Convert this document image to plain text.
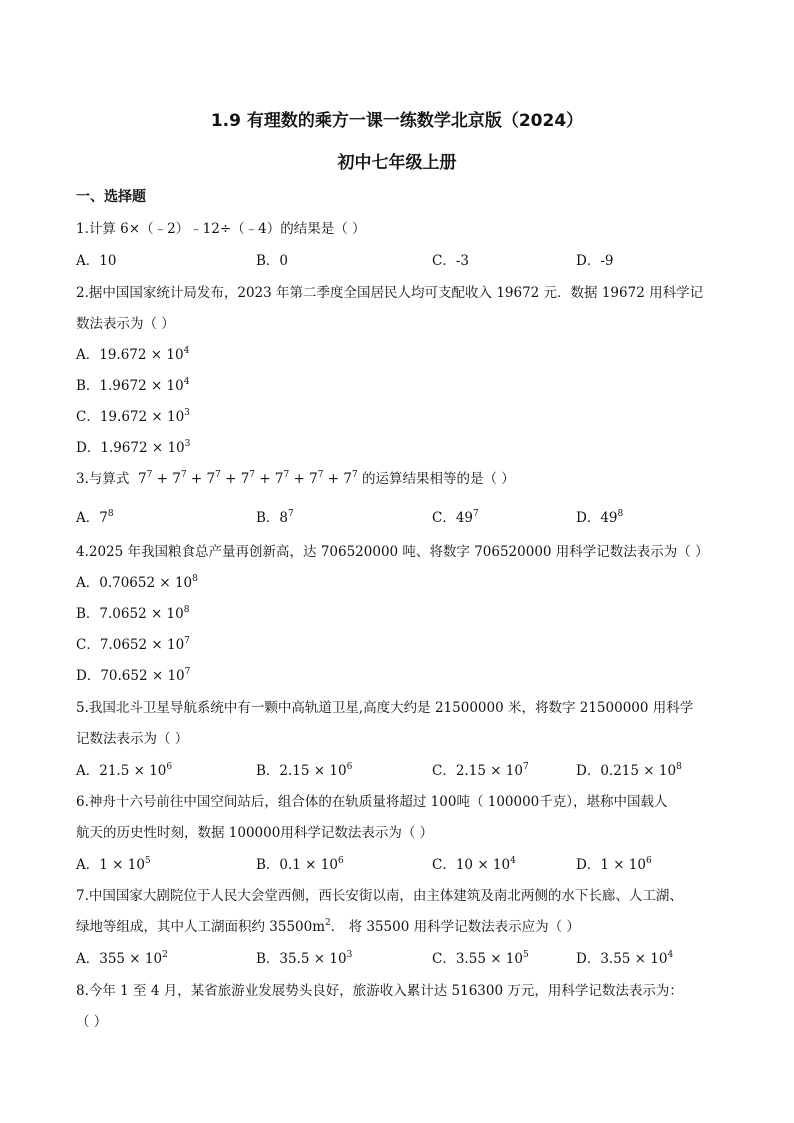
1.9 有理数的乘方一课一练数学北京版（2024）
初中七年级上册
一、选择题
1.计算 6×（﹣2）﹣12÷（﹣4）的结果是（ ）
A．10	B．0	C．-3	D．-9
2.据中国国家统计局发布，2023 年第二季度全国居民人均可支配收入 19672 元．数据 19672 用科学记
数法表示为（ ）
A．$19.672 \times 10^4$
B．$1.9672 \times 10^4$
C．$19.672 \times 10^3$
D．$1.9672 \times 10^3$
3.与算式 $7^7 + 7^7 + 7^7 + 7^7 + 7^7 + 7^7 + 7^7$ 的运算结果相等的是（ ）
A．$7^8$	B．$8^7$	C．$49^7$	D．$49^8$
4.2025 年我国粮食总产量再创新高，达 706520000 吨、将数字 706520000 用科学记数法表示为（ ）
A．$0.70652 \times 10^8$
B．$7.0652 \times 10^8$
C．$7.0652 \times 10^7$
D．$70.652 \times 10^7$
5.我国北斗卫星导航系统中有一颗中高轨道卫星,高度大约是 21500000 米，将数字 21500000 用科学
记数法表示为（ ）
A．$21.5 \times 10^6$	B．$2.15 \times 10^6$	C．$2.15 \times 10^7$	D．$0.215 \times 10^8$
6.神舟十六号前往中国空间站后，组合体的在轨质量将超过 100吨（ 100000千克），堪称中国载人
航天的历史性时刻，数据 100000用科学记数法表示为（ ）
A．$1 \times 10^5$	B．$0.1 \times 10^6$	C．$10 \times 10^4$	D．$1 \times 10^6$
7.中国国家大剧院位于人民大会堂西侧，西长安街以南，由主体建筑及南北两侧的水下长廊、人工湖、
绿地等组成，其中人工湖面积约 $35500m^2$． 将 35500 用科学记数法表示应为（ ）
A．$355 \times 10^2$	B．$35.5 \times 10^3$	C．$3.55 \times 10^5$	D．$3.55 \times 10^4$
8.今年 1 至 4 月，某省旅游业发展势头良好，旅游收入累计达 516300 万元，用科学记数法表示为：
（ ）
